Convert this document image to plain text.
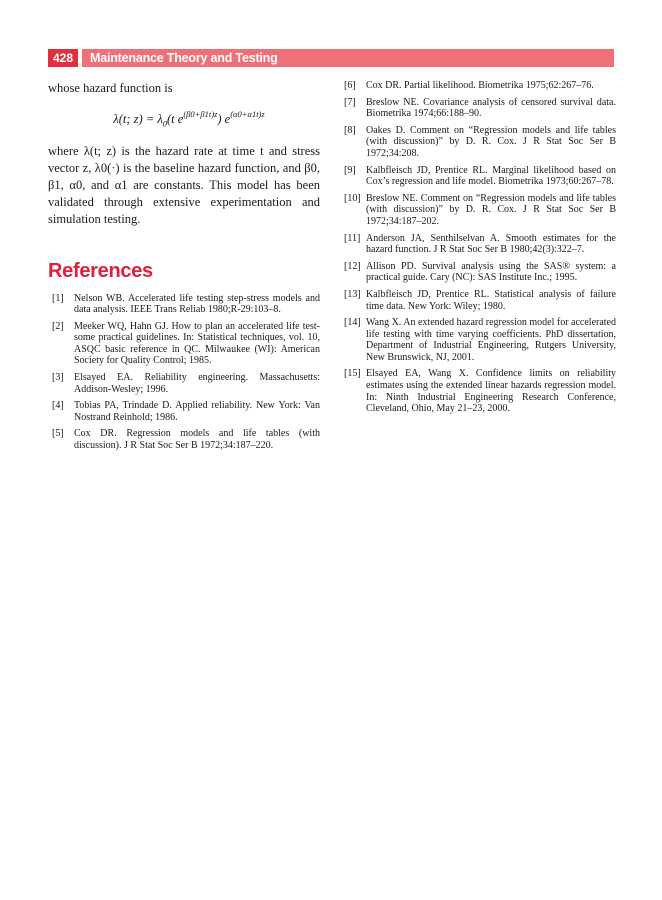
428	Maintenance Theory and Testing

whose hazard function is

λ(t; $z) = \lambda_0(t$ $e^{(\beta 0+\beta 1t)z}$) $e^{(\alpha 0+\alpha 1t)z}$

where λ(t; z) is the hazard rate at time t and stress vector z, λ0(·) is the baseline hazard function, and β0, β1, α0, and α1 are constants. This model has been validated through extensive experimentation and simulation testing.

References
[1]	Nelson WB. Accelerated life testing step-stress models and data analysis. IEEE Trans Reliab 1980;R-29:103–8.
[2]	Meeker WQ, Hahn GJ. How to plan an accelerated life test-some practical guidelines. In: Statistical techniques, vol. 10, ASQC basic reference in QC. Milwaukee (WI): American Society for Quality Control; 1985.
[3]	Elsayed EA. Reliability engineering. Massachusetts: Addison-Wesley; 1996.
[4]	Tobias PA, Trindade D. Applied reliability. New York: Van Nostrand Reinhold; 1986.
[5]	Cox DR. Regression models and life tables (with discussion). J R Stat Soc Ser B 1972;34:187–220.
[6]	Cox DR. Partial likelihood. Biometrika 1975;62:267–76.
[7]	Breslow NE. Covariance analysis of censored survival data. Biometrika 1974;66:188–90.
[8]	Oakes D. Comment on “Regression models and life tables (with discussion)” by D. R. Cox. J R Stat Soc Ser B 1972;34:208.
[9]	Kalbfleisch JD, Prentice RL. Marginal likelihood based on Cox’s regression and life model. Biometrika 1973;60:267–78.
[10] Breslow NE. Comment on “Regression models and life tables (with discussion)” by D. R. Cox. J R Stat Soc Ser B 1972;34:187–202.
[11] Anderson JA, Senthilselvan A. Smooth estimates for the hazard function. J R Stat Soc Ser B 1980;42(3):322–7.
[12] Allison PD. Survival analysis using the SAS® system: a practical guide. Cary (NC): SAS Institute Inc.; 1995.
[13] Kalbfleisch JD, Prentice RL. Statistical analysis of failure time data. New York: Wiley; 1980.
[14] Wang X. An extended hazard regression model for accelerated life testing with time varying coefficients. PhD dissertation, Department of Industrial Engineering, Rutgers University, New Brunswick, NJ, 2001.
[15] Elsayed EA, Wang X. Confidence limits on reliability estimates using the extended linear hazards regression model. In: Ninth Industrial Engineering Research Conference, Cleveland, Ohio, May 21–23, 2000.
